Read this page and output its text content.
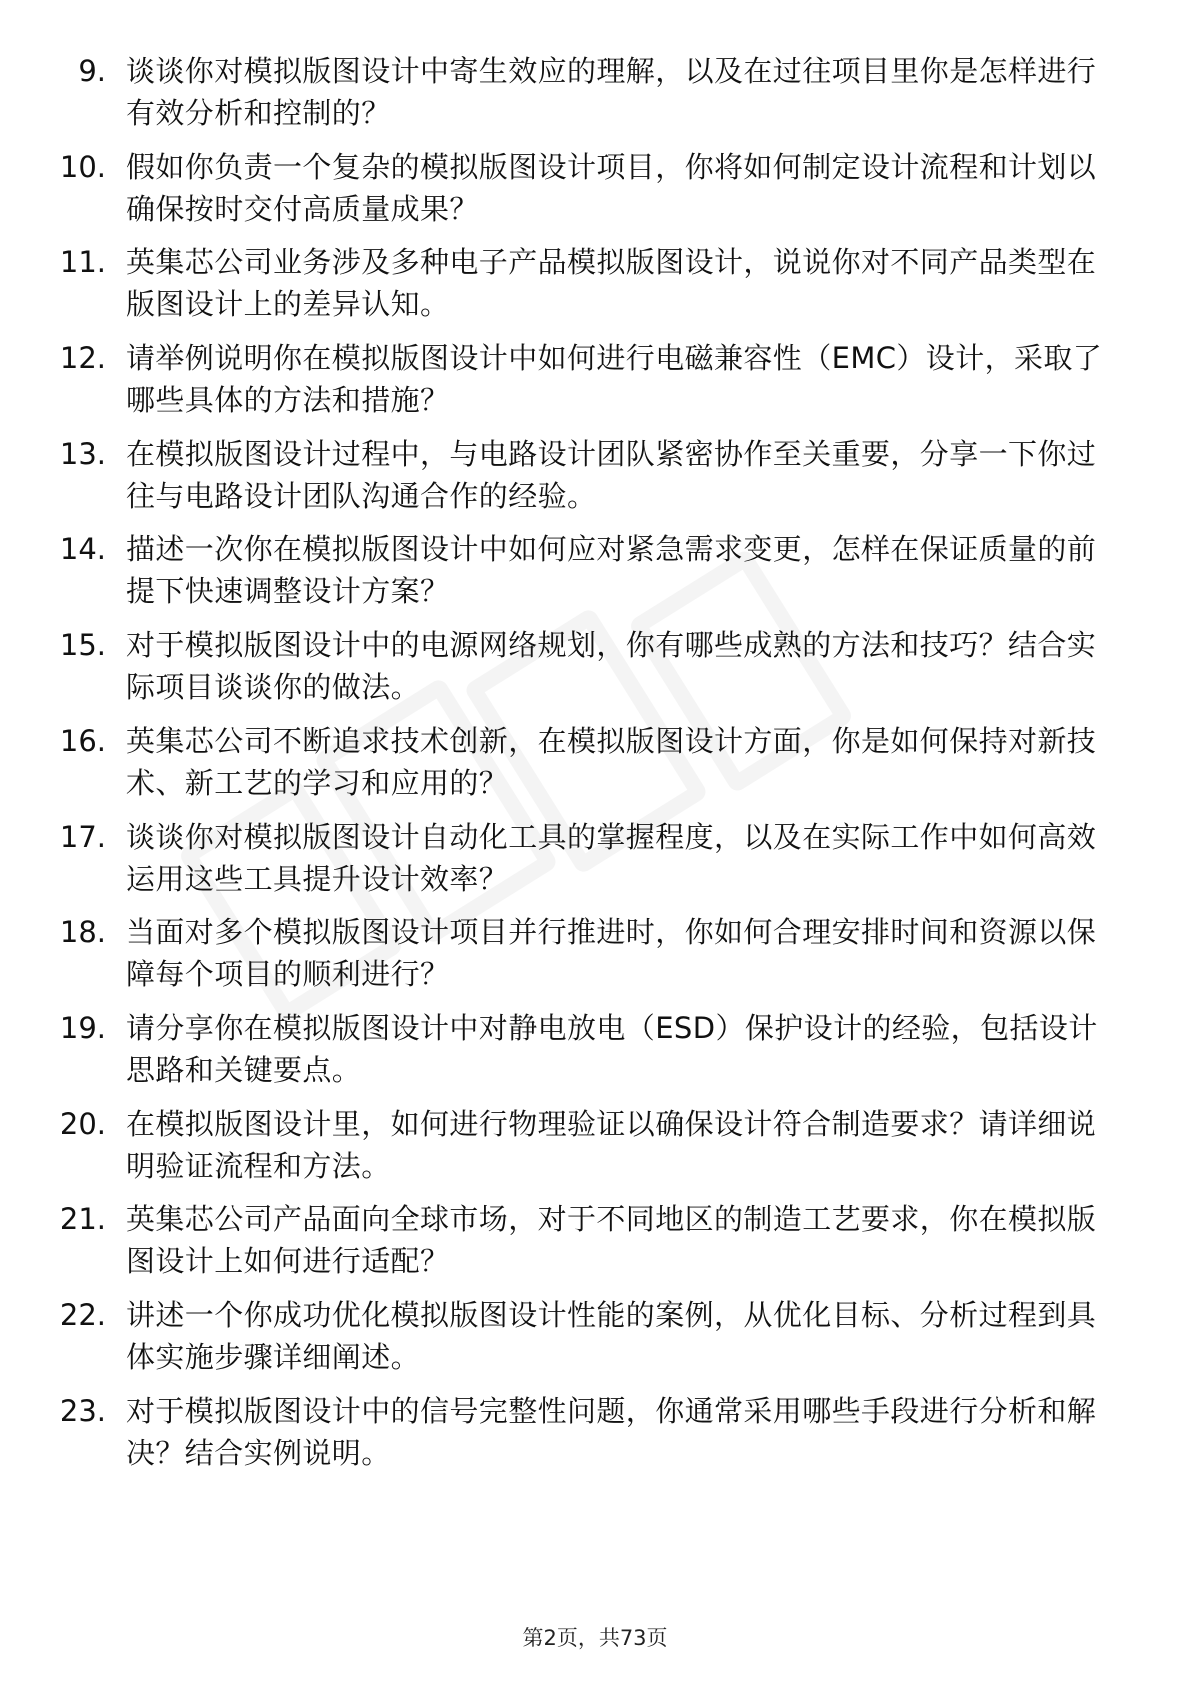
9. 谈谈你对模拟版图设计中寄生效应的理解，以及在过往项目里你是怎样进行有效分析和控制的？
10. 假如你负责一个复杂的模拟版图设计项目，你将如何制定设计流程和计划以确保按时交付高质量成果？
11. 英集芯公司业务涉及多种电子产品模拟版图设计，说说你对不同产品类型在版图设计上的差异认知。
12. 请举例说明你在模拟版图设计中如何进行电磁兼容性（EMC）设计，采取了哪些具体的方法和措施？
13. 在模拟版图设计过程中，与电路设计团队紧密协作至关重要，分享一下你过往与电路设计团队沟通合作的经验。
14. 描述一次你在模拟版图设计中如何应对紧急需求变更，怎样在保证质量的前提下快速调整设计方案？
15. 对于模拟版图设计中的电源网络规划，你有哪些成熟的方法和技巧？结合实际项目谈谈你的做法。
16. 英集芯公司不断追求技术创新，在模拟版图设计方面，你是如何保持对新技术、新工艺的学习和应用的？
17. 谈谈你对模拟版图设计自动化工具的掌握程度，以及在实际工作中如何高效运用这些工具提升设计效率？
18. 当面对多个模拟版图设计项目并行推进时，你如何合理安排时间和资源以保障每个项目的顺利进行？
19. 请分享你在模拟版图设计中对静电放电（ESD）保护设计的经验，包括设计思路和关键要点。
20. 在模拟版图设计里，如何进行物理验证以确保设计符合制造要求？请详细说明验证流程和方法。
21. 英集芯公司产品面向全球市场，对于不同地区的制造工艺要求，你在模拟版图设计上如何进行适配？
22. 讲述一个你成功优化模拟版图设计性能的案例，从优化目标、分析过程到具体实施步骤详细阐述。
23. 对于模拟版图设计中的信号完整性问题，你通常采用哪些手段进行分析和解决？结合实例说明。
第2页，共73页
